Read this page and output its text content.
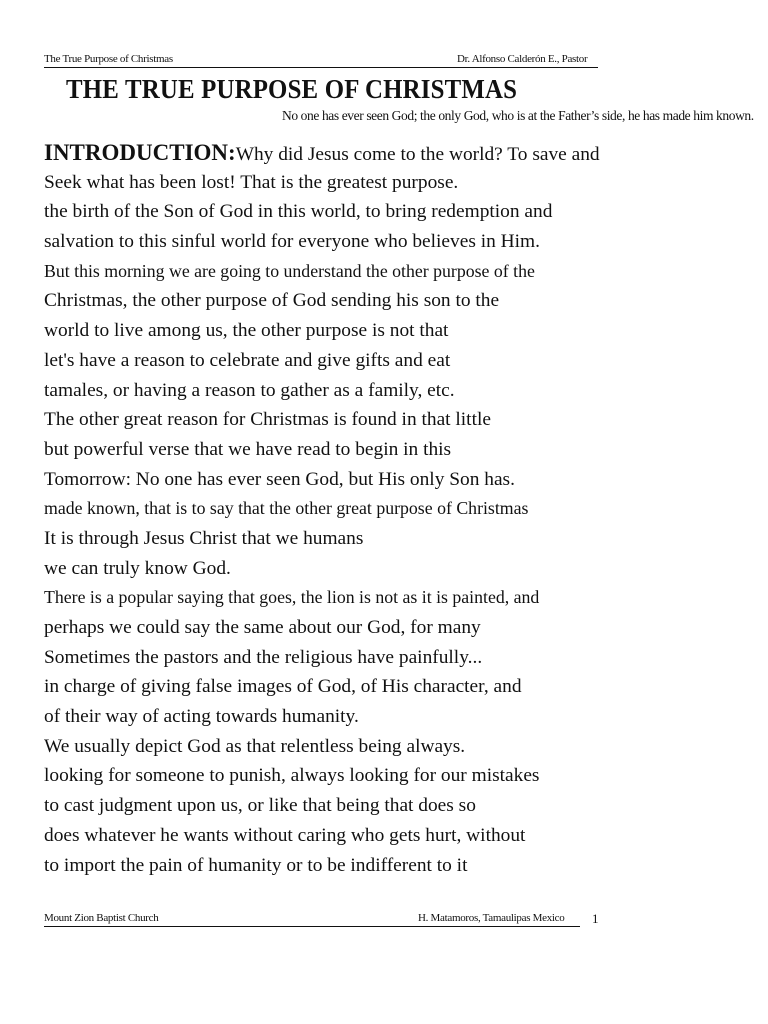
The True Purpose of Christmas	Dr. Alfonso Calderón E., Pastor
THE TRUE PURPOSE OF CHRISTMAS
No one has ever seen God; the only God, who is at the Father’s side, he has made him known.
INTRODUCTION:Why did Jesus come to the world? To save and
Seek what has been lost! That is the greatest purpose.
the birth of the Son of God in this world, to bring redemption and
salvation to this sinful world for everyone who believes in Him.
But this morning we are going to understand the other purpose of the
Christmas, the other purpose of God sending his son to the
world to live among us, the other purpose is not that
let's have a reason to celebrate and give gifts and eat
tamales, or having a reason to gather as a family, etc.
The other great reason for Christmas is found in that little
but powerful verse that we have read to begin in this
Tomorrow: No one has ever seen God, but His only Son has.
made known, that is to say that the other great purpose of Christmas
It is through Jesus Christ that we humans
we can truly know God.
There is a popular saying that goes, the lion is not as it is painted, and
perhaps we could say the same about our God, for many
Sometimes the pastors and the religious have painfully...
in charge of giving false images of God, of His character, and
of their way of acting towards humanity.
We usually depict God as that relentless being always.
looking for someone to punish, always looking for our mistakes
to cast judgment upon us, or like that being that does so
does whatever he wants without caring who gets hurt, without
to import the pain of humanity or to be indifferent to it
Mount Zion Baptist Church	H. Matamoros, Tamaulipas Mexico 1
